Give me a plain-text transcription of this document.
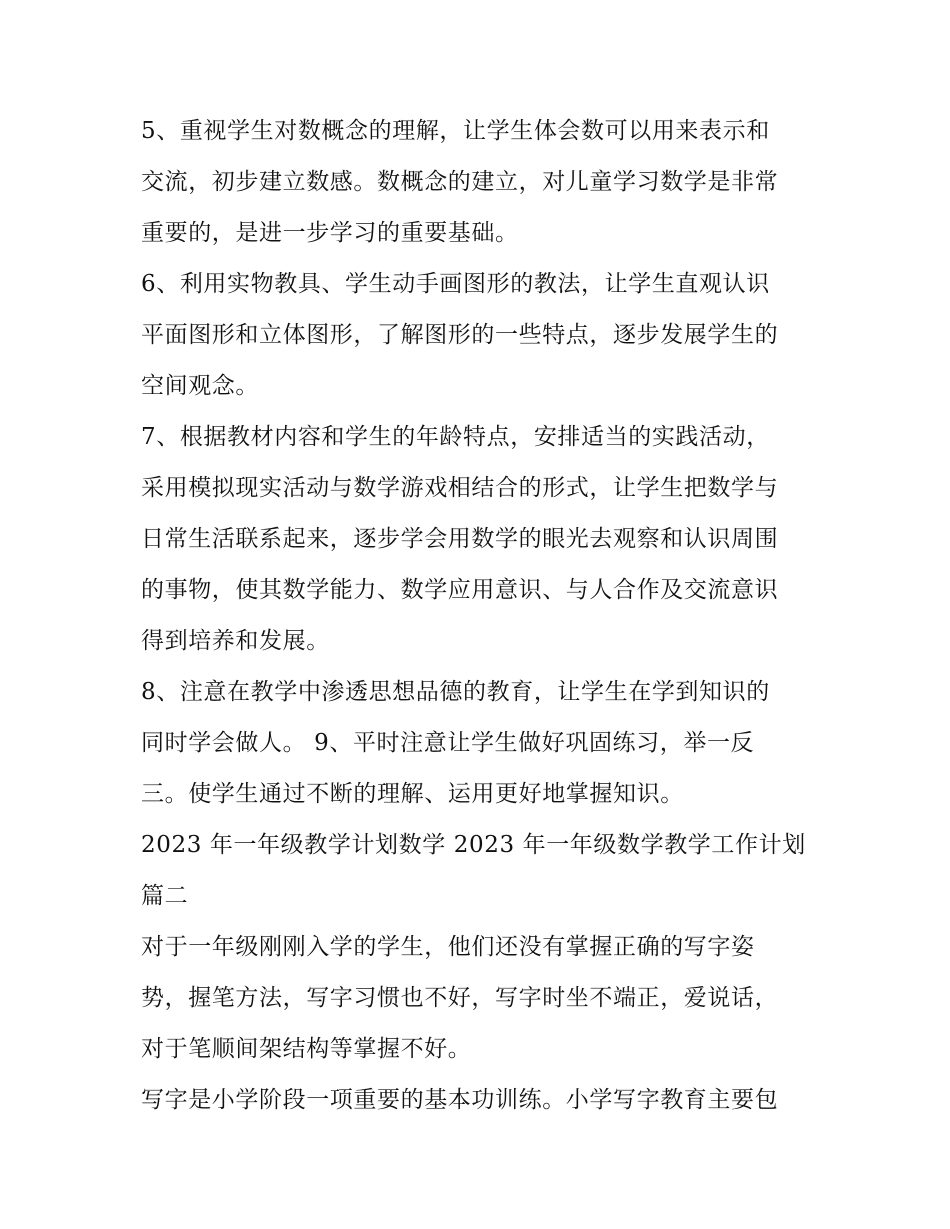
5、重视学生对数概念的理解，让学生体会数可以用来表示和
交流，初步建立数感。数概念的建立，对儿童学习数学是非常
重要的，是进一步学习的重要基础。
6、利用实物教具、学生动手画图形的教法，让学生直观认识
平面图形和立体图形，了解图形的一些特点，逐步发展学生的
空间观念。
7、根据教材内容和学生的年龄特点，安排适当的实践活动，
采用模拟现实活动与数学游戏相结合的形式，让学生把数学与
日常生活联系起来，逐步学会用数学的眼光去观察和认识周围
的事物，使其数学能力、数学应用意识、与人合作及交流意识
得到培养和发展。
8、注意在教学中渗透思想品德的教育，让学生在学到知识的
同时学会做人。 9、平时注意让学生做好巩固练习，举一反
三。使学生通过不断的理解、运用更好地掌握知识。
2023 年一年级教学计划数学 2023 年一年级数学教学工作计划
篇二
对于一年级刚刚入学的学生，他们还没有掌握正确的写字姿
势，握笔方法，写字习惯也不好，写字时坐不端正，爱说话，
对于笔顺间架结构等掌握不好。
写字是小学阶段一项重要的基本功训练。小学写字教育主要包
